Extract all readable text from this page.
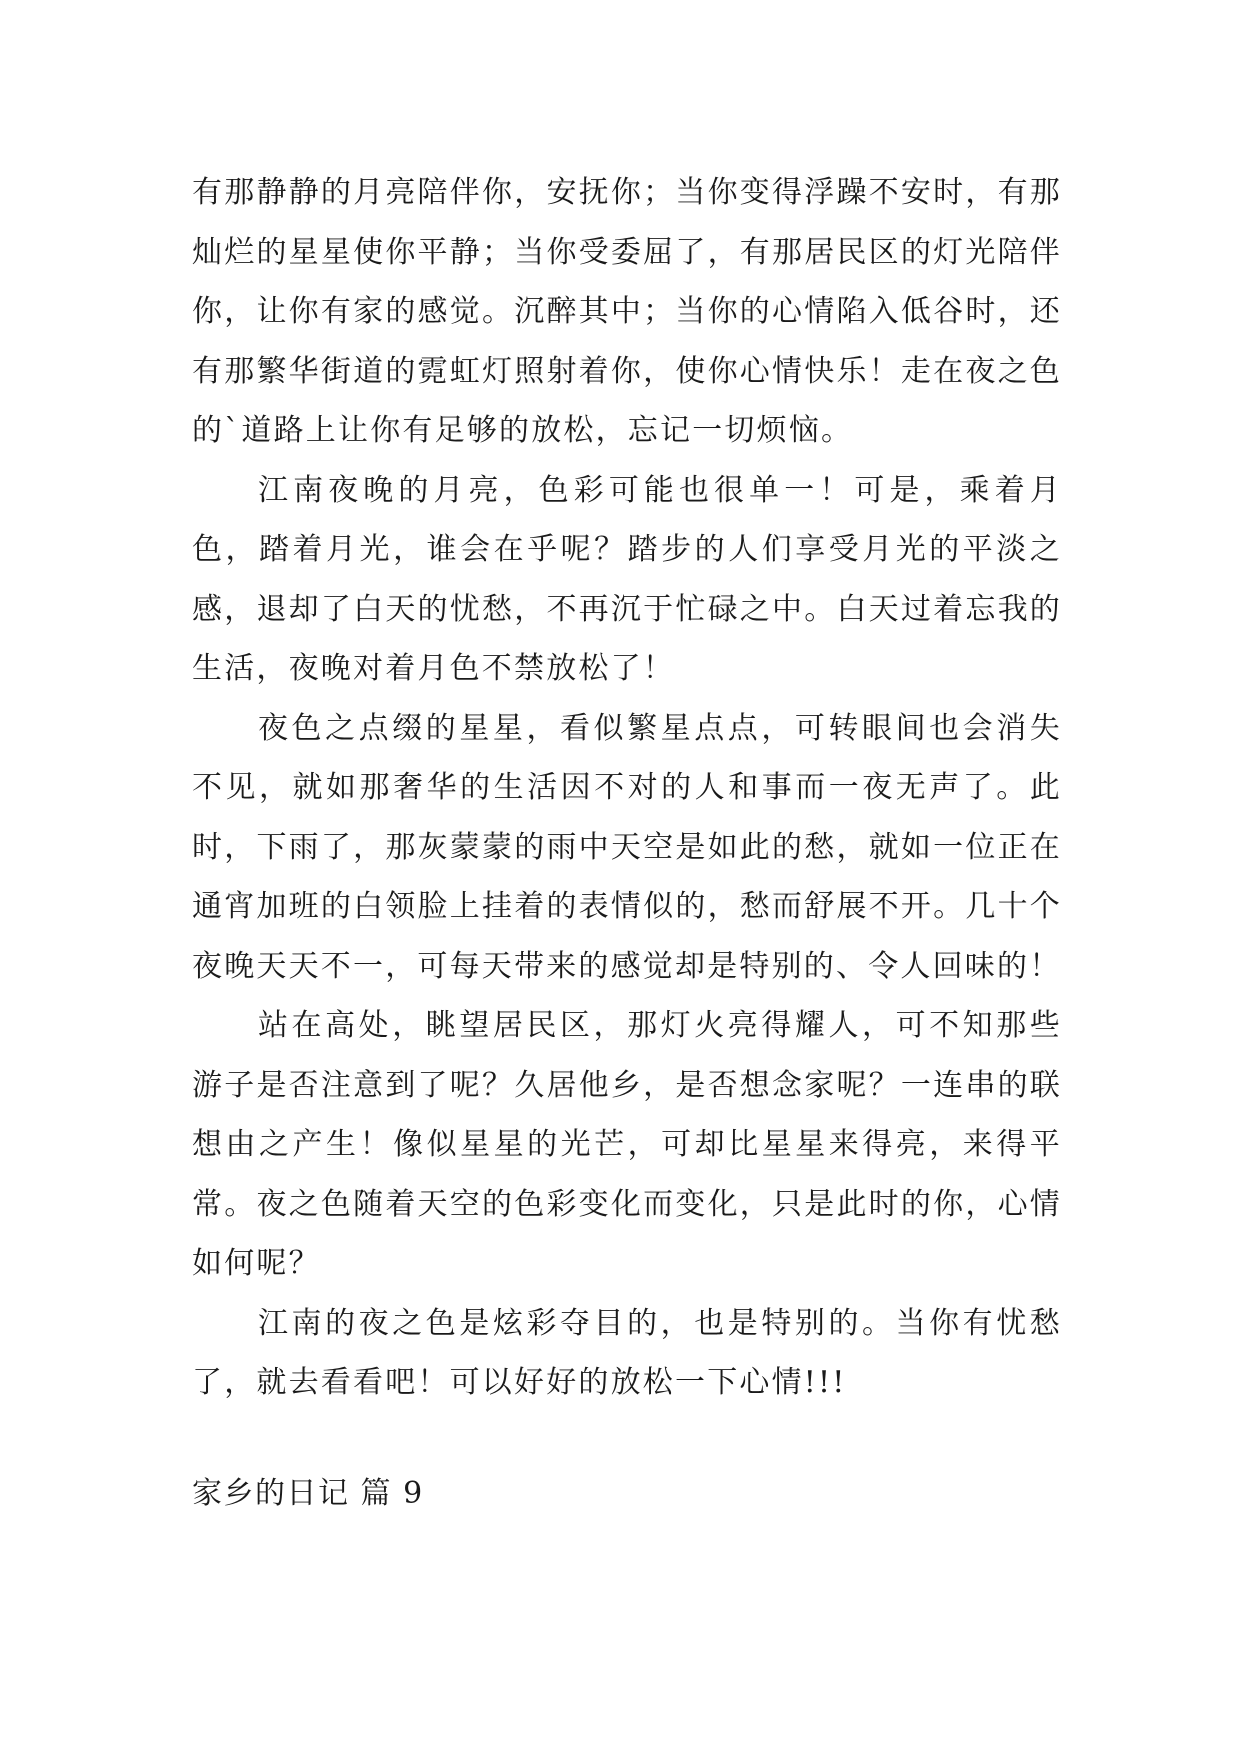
有那静静的月亮陪伴你，安抚你；当你变得浮躁不安时，有那灿烂的星星使你平静；当你受委屈了，有那居民区的灯光陪伴你，让你有家的感觉。沉醉其中；当你的心情陷入低谷时，还有那繁华街道的霓虹灯照射着你，使你心情快乐！走在夜之色的`道路上让你有足够的放松，忘记一切烦恼。

江南夜晚的月亮，色彩可能也很单一！可是，乘着月色，踏着月光，谁会在乎呢？踏步的人们享受月光的平淡之感，退却了白天的忧愁，不再沉于忙碌之中。白天过着忘我的生活，夜晚对着月色不禁放松了！

夜色之点缀的星星，看似繁星点点，可转眼间也会消失不见，就如那奢华的生活因不对的人和事而一夜无声了。此时，下雨了，那灰蒙蒙的雨中天空是如此的愁，就如一位正在通宵加班的白领脸上挂着的表情似的，愁而舒展不开。几十个夜晚天天不一，可每天带来的感觉却是特别的、令人回味的！

站在高处，眺望居民区，那灯火亮得耀人，可不知那些游子是否注意到了呢？久居他乡，是否想念家呢？一连串的联想由之产生！像似星星的光芒，可却比星星来得亮，来得平常。夜之色随着天空的色彩变化而变化，只是此时的你，心情如何呢？

江南的夜之色是炫彩夺目的，也是特别的。当你有忧愁了，就去看看吧！可以好好的放松一下心情!!!

家乡的日记 篇 9
